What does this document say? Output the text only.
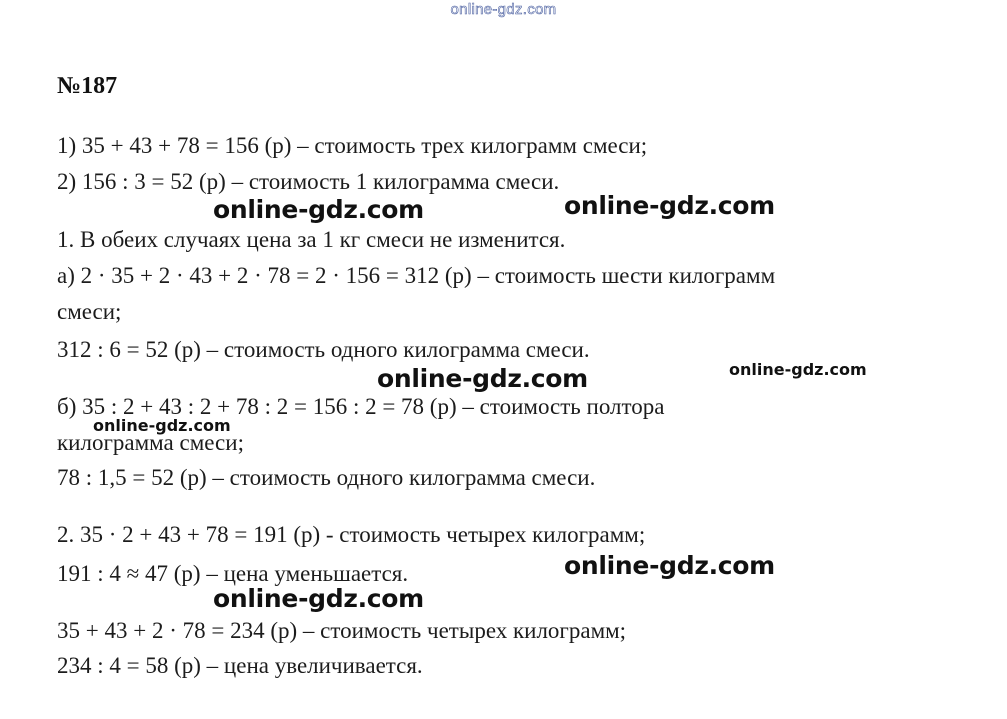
online-gdz.com
№187
1) 35 + 43 + 78 = 156 (р) – стоимость трех килограмм смеси;
2) 156 : 3 = 52 (р) – стоимость 1 килограмма смеси.
1. В обеих случаях цена за 1 кг смеси не изменится.
а) 2 · 35 + 2 · 43 + 2 · 78 = 2 · 156 = 312 (р) – стоимость шести килограмм
смеси;
312 : 6 = 52 (р) – стоимость одного килограмма смеси.
б) 35 : 2 + 43 : 2 + 78 : 2 = 156 : 2 = 78 (р) – стоимость полтора
килограмма смеси;
78 : 1,5 = 52 (р) – стоимость одного килограмма смеси.
2. 35 · 2 + 43 + 78 = 191 (р) - стоимость четырех килограмм;
191 : 4 ≈ 47 (р) – цена уменьшается.
35 + 43 + 2 · 78 = 234 (р) – стоимость четырех килограмм;
234 : 4 = 58 (р) – цена увеличивается.
online-gdz.com	online-gdz.com
online-gdz.com	online-gdz.com
online-gdz.com
online-gdz.com
online-gdz.com
